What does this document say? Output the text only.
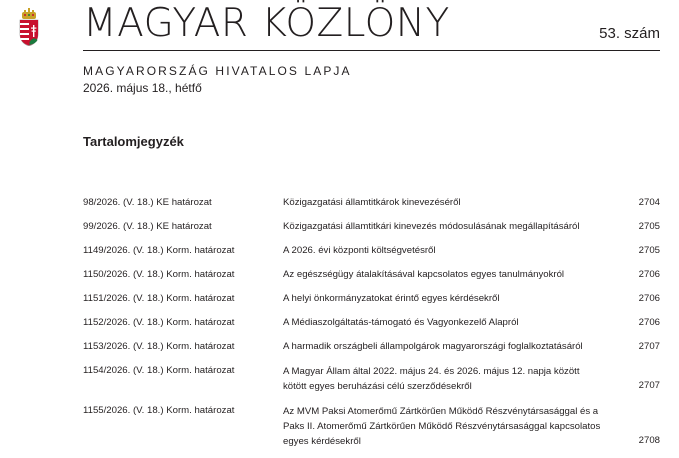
MAGYAR KÖZLÖNY	53. szám
MAGYARORSZÁG HIVATALOS LAPJA
2026. május 18., hétfő
Tartalomjegyzék
98/2026. (V. 18.) KE határozat	Közigazgatási államtitkárok kinevezéséről	2704
99/2026. (V. 18.) KE határozat	Közigazgatási államtitkári kinevezés módosulásának megállapításáról	2705
1149/2026. (V. 18.) Korm. határozat	A 2026. évi központi költségvetésről	2705
1150/2026. (V. 18.) Korm. határozat	Az egészségügy átalakításával kapcsolatos egyes tanulmányokról	2706
1151/2026. (V. 18.) Korm. határozat	A helyi önkormányzatokat érintő egyes kérdésekről	2706
1152/2026. (V. 18.) Korm. határozat	A Médiaszolgáltatás-támogató és Vagyonkezelő Alapról	2706
1153/2026. (V. 18.) Korm. határozat	A harmadik országbeli állampolgárok magyarországi foglalkoztatásáról	2707
1154/2026. (V. 18.) Korm. határozat	A Magyar Állam által 2022. május 24. és 2026. május 12. napja között kötött egyes beruházási célú szerződésekről	2707
1155/2026. (V. 18.) Korm. határozat	Az MVM Paksi Atomerőmű Zártkörűen Működő Részvénytársasággal és a Paks II. Atomerőmű Zártkörűen Működő Részvénytársasággal kapcsolatos egyes kérdésekről	2708
